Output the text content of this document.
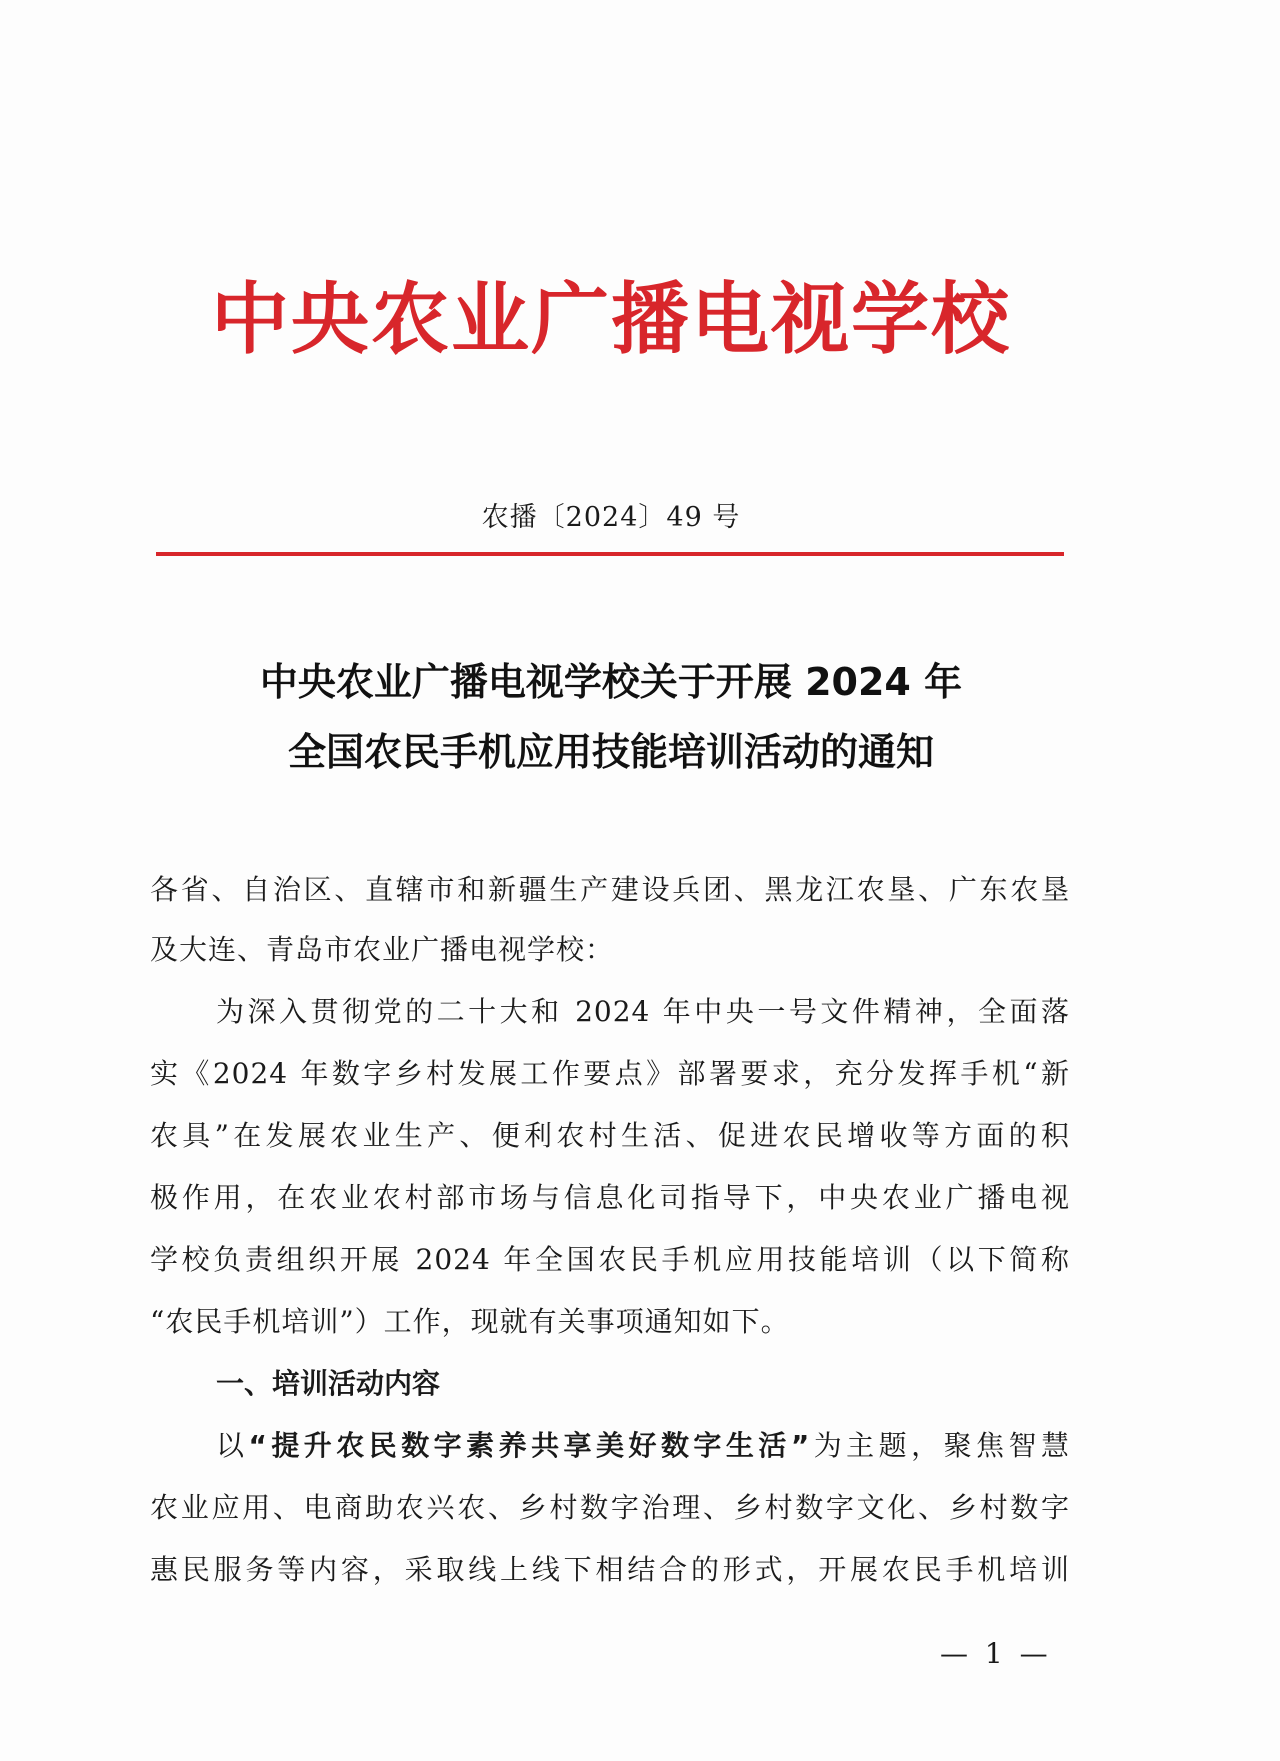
中央农业广播电视学校
农播〔2024〕49 号
中央农业广播电视学校关于开展 2024 年
全国农民手机应用技能培训活动的通知
各省、自治区、直辖市和新疆生产建设兵团、黑龙江农垦、广东农垦
及大连、青岛市农业广播电视学校：
为深入贯彻党的二十大和 2024 年中央一号文件精神，全面落
实《2024 年数字乡村发展工作要点》部署要求，充分发挥手机“新
农具”在发展农业生产、便利农村生活、促进农民增收等方面的积
极作用，在农业农村部市场与信息化司指导下，中央农业广播电视
学校负责组织开展 2024 年全国农民手机应用技能培训（以下简称
“农民手机培训”）工作，现就有关事项通知如下。
一、培训活动内容
以“提升农民数字素养共享美好数字生活”为主题，聚焦智慧
农业应用、电商助农兴农、乡村数字治理、乡村数字文化、乡村数字
惠民服务等内容，采取线上线下相结合的形式，开展农民手机培训
— 1 —
